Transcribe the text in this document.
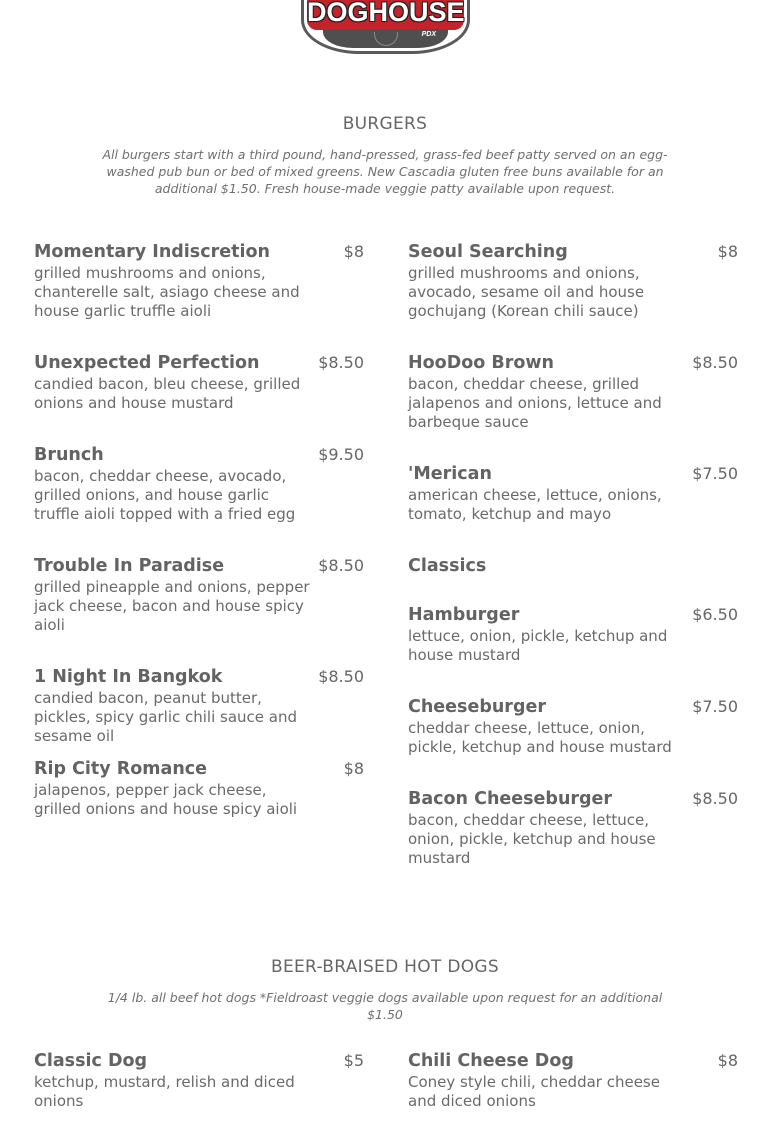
DOGHOUSE
PDX
BURGERS
All burgers start with a third pound, hand-pressed, grass-fed beef patty served on an egg-washed pub bun or bed of mixed greens. New Cascadia gluten free buns available for an additional $1.50. Fresh house-made veggie patty available upon request.
Momentary Indiscretion	$8
grilled mushrooms and onions, chanterelle salt, asiago cheese and house garlic truffle aioli
Unexpected Perfection	$8.50
candied bacon, bleu cheese, grilled onions and house mustard
Brunch	$9.50
bacon, cheddar cheese, avocado, grilled onions, and house garlic truffle aioli topped with a fried egg
Trouble In Paradise	$8.50
grilled pineapple and onions, pepper jack cheese, bacon and house spicy aioli
1 Night In Bangkok	$8.50
candied bacon, peanut butter, pickles, spicy garlic chili sauce and sesame oil
Rip City Romance	$8
jalapenos, pepper jack cheese, grilled onions and house spicy aioli
Seoul Searching	$8
grilled mushrooms and onions, avocado, sesame oil and house gochujang (Korean chili sauce)
HooDoo Brown	$8.50
bacon, cheddar cheese, grilled jalapenos and onions, lettuce and barbeque sauce
'Merican	$7.50
american cheese, lettuce, onions, tomato, ketchup and mayo
Classics
Hamburger	$6.50
lettuce, onion, pickle, ketchup and house mustard
Cheeseburger	$7.50
cheddar cheese, lettuce, onion, pickle, ketchup and house mustard
Bacon Cheeseburger	$8.50
bacon, cheddar cheese, lettuce, onion, pickle, ketchup and house mustard
BEER-BRAISED HOT DOGS
1/4 lb. all beef hot dogs *Fieldroast veggie dogs available upon request for an additional $1.50
Classic Dog	$5
ketchup, mustard, relish and diced onions
Chili Cheese Dog	$8
Coney style chili, cheddar cheese and diced onions
